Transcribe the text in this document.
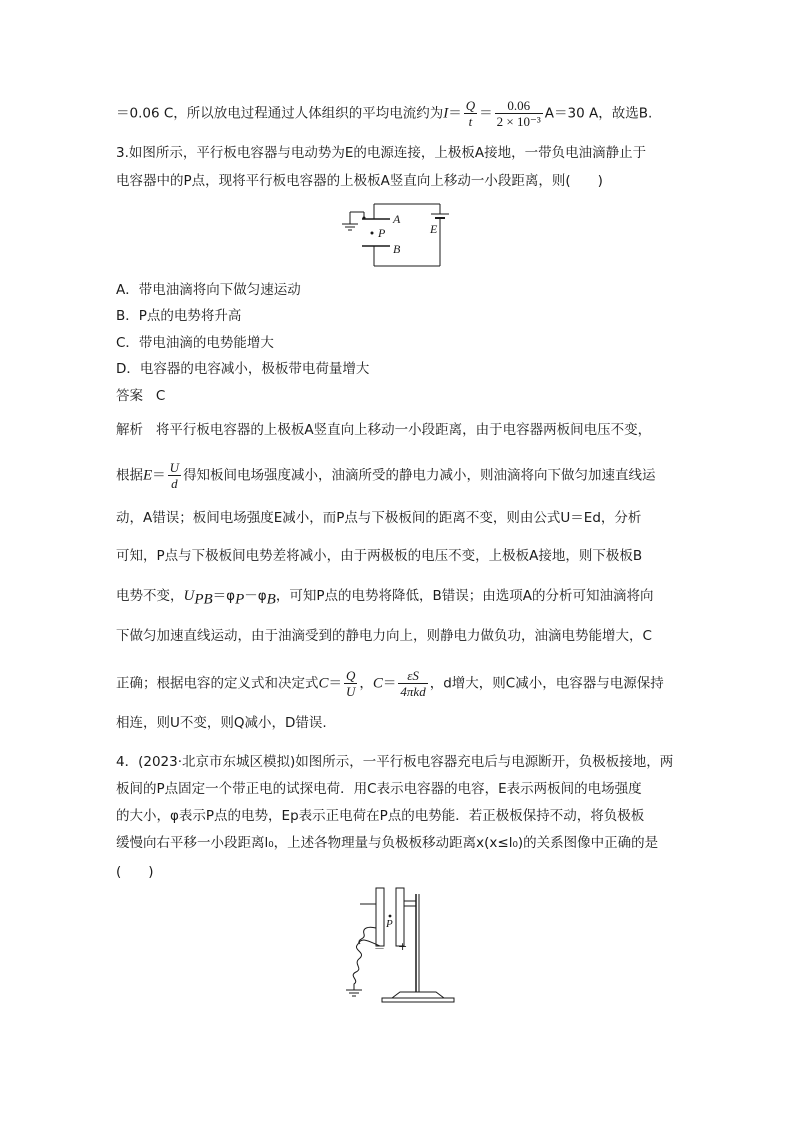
＝0.06 C，所以放电过程通过人体组织的平均电流约为$I= \frac{Q}{t} = \frac{0.06}{\text{2 × 10⁻³}} A=30$ A，故选B.
3.如图所示，平行板电容器与电动势为E的电源连接，上极板A接地，一带负电油滴静止于
电容器中的P点，现将平行板电容器的上极板A竖直向上移动一小段距离，则(　　)
A
P
B
E
A．带电油滴将向下做匀速运动
B．P点的电势将升高
C．带电油滴的电势能增大
D．电容器的电容减小，极板带电荷量增大
答案 C
解析 将平行板电容器的上极板A竖直向上移动一小段距离，由于电容器两板间电压不变，
根据$E= \frac{U}{d}$ 得知板间电场强度减小，油滴所受的静电力减小，则油滴将向下做匀加速直线运
动，A错误；板间电场强度E减小，而P点与下极板间的距离不变，则由公式U＝Ed，分析
可知，P点与下极板间电势差将减小，由于两极板的电压不变，上极板A接地，则下极板B
电势不变，$U_{PB}=\varphi_P-\varphi_B$，可知P点的电势将降低，B错误；由选项A的分析可知油滴将向
下做匀加速直线运动，由于油滴受到的静电力向上，则静电力做负功，油滴电势能增大，C
正确；根据电容的定义式和决定式$C= \frac{Q}{U}$ ，$C= \frac{\varepsilon S}{\text{4πkd}}$ ，d增大，则C减小，电容器与电源保持
相连，则U不变，则Q减小，D错误.
4．(2023·北京市东城区模拟)如图所示，一平行板电容器充电后与电源断开，负极板接地，两
板间的P点固定一个带正电的试探电荷．用C表示电容器的电容，E表示两板间的电场强度
的大小，φ表示P点的电势，Ep表示正电荷在P点的电势能．若正极板保持不动，将负极板
缓慢向右平移一小段距离l₀，上述各物理量与负极板移动距离x(x≤l₀)的关系图像中正确的是
(　　)
P
－ +
